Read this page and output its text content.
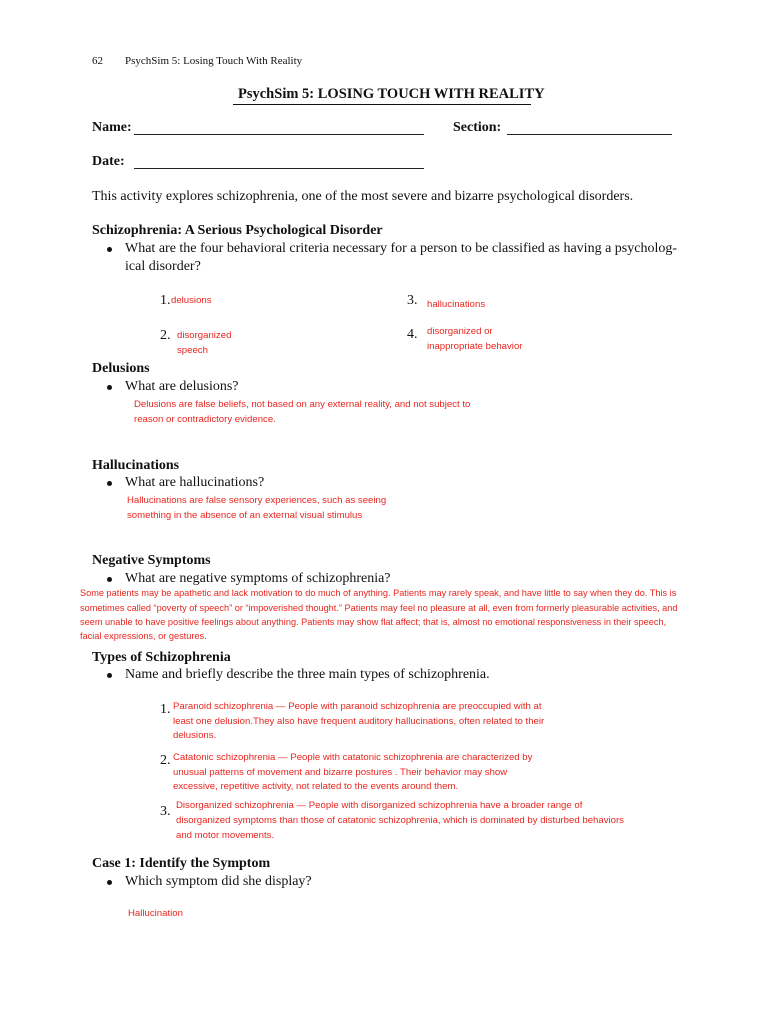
62 PsychSim 5: Losing Touch With Reality
PsychSim 5: LOSING TOUCH WITH REALITY
Name:	Section:
Date:
This activity explores schizophrenia, one of the most severe and bizarre psychological disorders.
Schizophrenia: A Serious Psychological Disorder
What are the four behavioral criteria necessary for a person to be classified as having a psycholog-
ical disorder?
1. delusions
2. disorganized
speech
3. hallucinations
4. disorganized or
inappropriate behavior
Delusions
What are delusions?
Delusions are false beliefs, not based on any external reality, and not subject to
reason or contradictory evidence.
Hallucinations
What are hallucinations?
Hallucinations are false sensory experiences, such as seeing
something in the absence of an external visual stimulus
Negative Symptoms
What are negative symptoms of schizophrenia?
Some patients may be apathetic and lack motivation to do much of anything. Patients may rarely speak, and have little to say when they do. This is
sometimes called “poverty of speech” or “impoverished thought.” Patients may feel no pleasure at all, even from formerly pleasurable activities, and
seem unable to have positive feelings about anything. Patients may show flat affect; that is, almost no emotional responsiveness in their speech,
facial expressions, or gestures.
Types of Schizophrenia
Name and briefly describe the three main types of schizophrenia.
1. Paranoid schizophrenia — People with paranoid schizophrenia are preoccupied with at
least one delusion.They also have frequent auditory hallucinations, often related to their
delusions.
2. Catatonic schizophrenia — People with catatonic schizophrenia are characterized by
unusual patterns of movement and bizarre postures . Their behavior may show
excessive, repetitive activity, not related to the events around them.
3. Disorganized schizophrenia — People with disorganized schizophrenia have a broader range of
disorganized symptoms than those of catatonic schizophrenia, which is dominated by disturbed behaviors
and motor movements.
Case 1: Identify the Symptom
Which symptom did she display?
Hallucination
